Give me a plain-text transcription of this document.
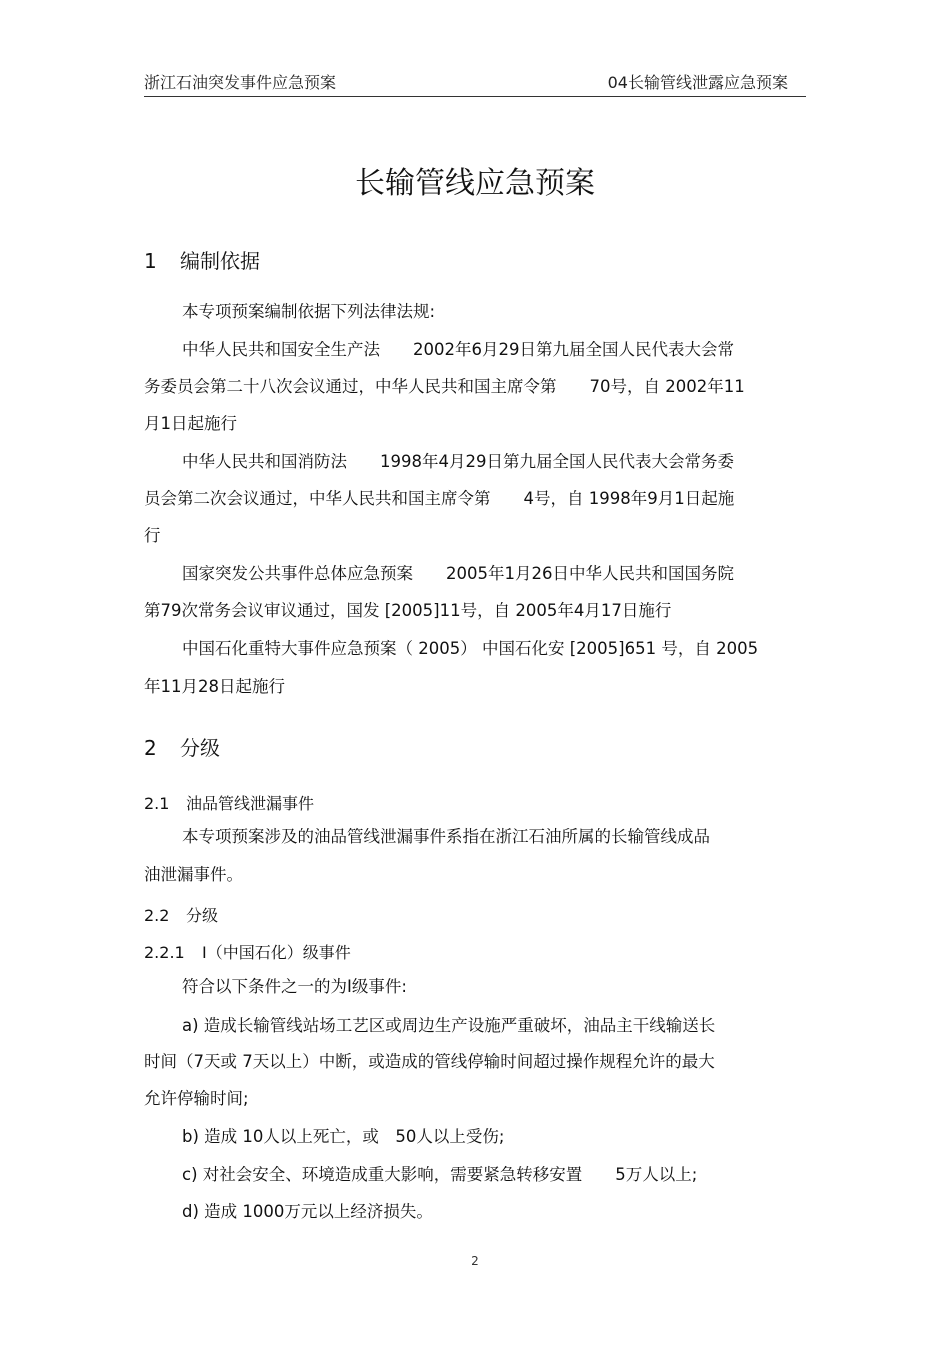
浙江石油突发事件应急预案	04长输管线泄露应急预案
长输管线应急预案
1 编制依据
本专项预案编制依据下列法律法规:
中华人民共和国安全生产法　　2002年6月29日第九届全国人民代表大会常
务委员会第二十八次会议通过，中华人民共和国主席令第　　70号，自 2002年11
月1日起施行
中华人民共和国消防法　　1998年4月29日第九届全国人民代表大会常务委
员会第二次会议通过，中华人民共和国主席令第　　4号，自 1998年9月1日起施
行
国家突发公共事件总体应急预案　　2005年1月26日中华人民共和国国务院
第79次常务会议审议通过，国发 [2005]11号，自 2005年4月17日施行
中国石化重特大事件应急预案（ 2005） 中国石化安 [2005]651 号，自 2005
年11月28日起施行
2 分级
2.1 油品管线泄漏事件
本专项预案涉及的油品管线泄漏事件系指在浙江石油所属的长输管线成品
油泄漏事件。
2.2 分级
2.2.1 Ⅰ（中国石化）级事件
符合以下条件之一的为Ⅰ级事件:
a) 造成长输管线站场工艺区或周边生产设施严重破坏，油品主干线输送长
时间（7天或 7天以上）中断，或造成的管线停输时间超过操作规程允许的最大
允许停输时间;
b) 造成 10人以上死亡，或　50人以上受伤;
c) 对社会安全、环境造成重大影响，需要紧急转移安置　　5万人以上;
d) 造成 1000万元以上经济损失。
2
